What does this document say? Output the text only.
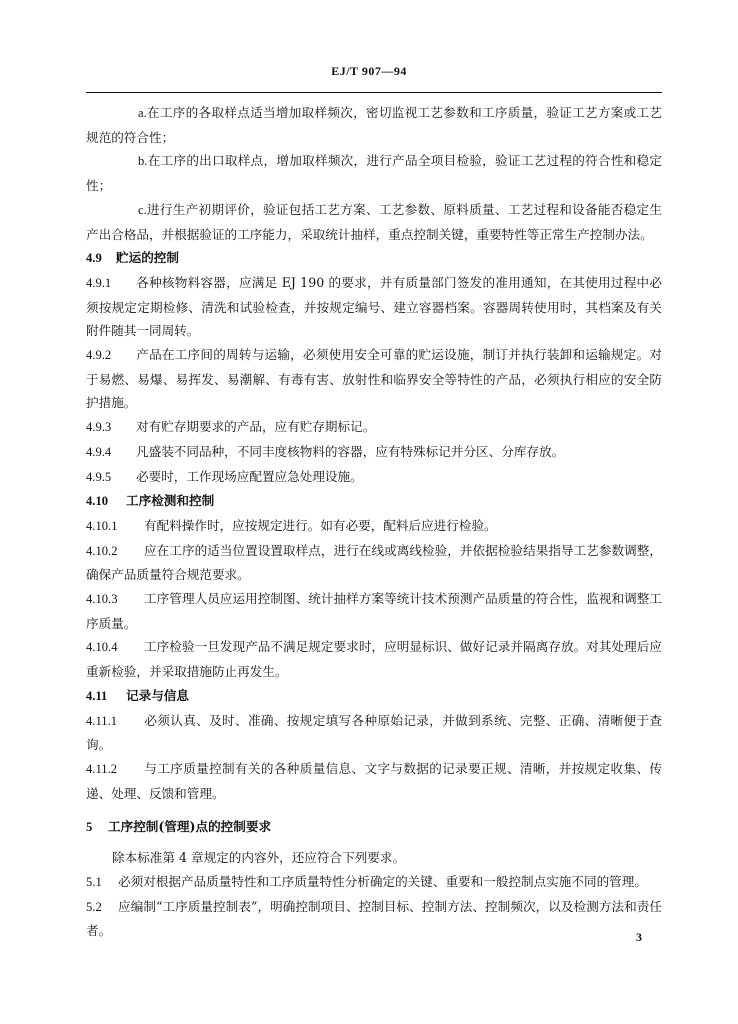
EJ/T 907—94

a.在工序的各取样点适当增加取样频次，密切监视工艺参数和工序质量，验证工艺方案或工艺规范的符合性；

b.在工序的出口取样点，增加取样频次，进行产品全项目检验，验证工艺过程的符合性和稳定性；

c.进行生产初期评价，验证包括工艺方案、工艺参数、原料质量、工艺过程和设备能否稳定生产出合格品，并根据验证的工序能力，采取统计抽样，重点控制关键，重要特性等正常生产控制办法。

4.9 贮运的控制

4.9.1 各种核物料容器，应满足 EJ 190 的要求，并有质量部门签发的准用通知，在其使用过程中必须按规定定期检修、清洗和试验检查，并按规定编号、建立容器档案。容器周转使用时，其档案及有关附件随其一同周转。

4.9.2 产品在工序间的周转与运输，必须使用安全可靠的贮运设施，制订并执行装卸和运输规定。对于易燃、易爆、易挥发、易潮解、有毒有害、放射性和临界安全等特性的产品，必须执行相应的安全防护措施。

4.9.3 对有贮存期要求的产品，应有贮存期标记。

4.9.4 凡盛装不同品种，不同丰度核物料的容器，应有特殊标记并分区、分库存放。

4.9.5 必要时，工作现场应配置应急处理设施。

4.10 工序检测和控制

4.10.1 有配料操作时，应按规定进行。如有必要，配料后应进行检验。

4.10.2 应在工序的适当位置设置取样点，进行在线或离线检验，并依据检验结果指导工艺参数调整，确保产品质量符合规范要求。

4.10.3 工序管理人员应运用控制图、统计抽样方案等统计技术预测产品质量的符合性，监视和调整工序质量。

4.10.4 工序检验一旦发现产品不满足规定要求时，应明显标识、做好记录并隔离存放。对其处理后应重新检验，并采取措施防止再发生。

4.11 记录与信息

4.11.1 必须认真、及时、准确、按规定填写各种原始记录，并做到系统、完整、正确、清晰便于查询。

4.11.2 与工序质量控制有关的各种质量信息、文字与数据的记录要正规、清晰，并按规定收集、传递、处理、反馈和管理。

5 工序控制(管理)点的控制要求

除本标准第 4 章规定的内容外，还应符合下列要求。

5.1 必须对根据产品质量特性和工序质量特性分析确定的关键、重要和一般控制点实施不同的管理。

5.2 应编制“工序质量控制表”，明确控制项目、控制目标、控制方法、控制频次，以及检测方法和责任者。	3
